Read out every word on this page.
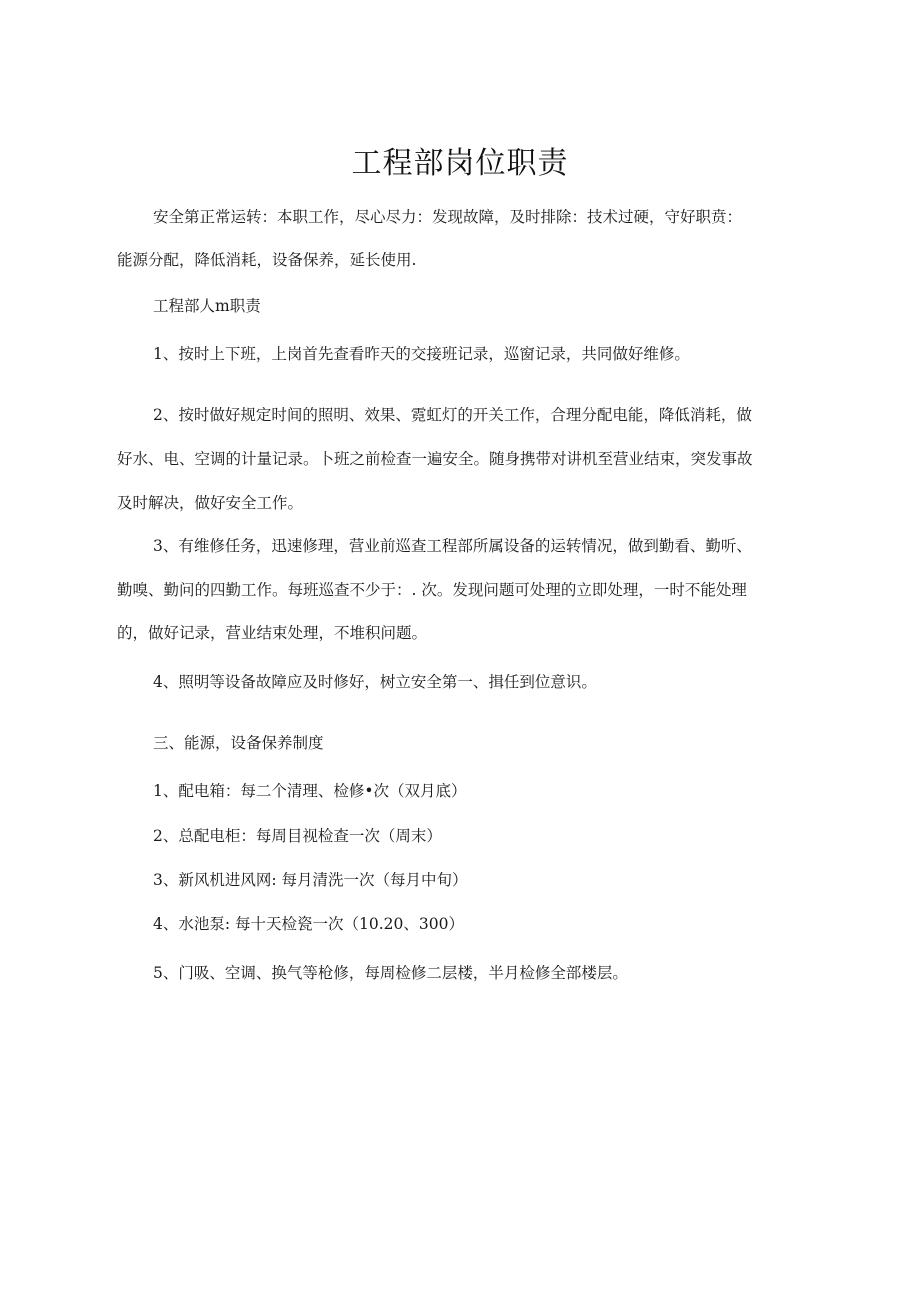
工程部岗位职责

安全第正常运转：本职工作，尽心尽力：发现故障，及时排除：技术过硬，守好职贲：

能源分配，降低消耗，设备保养，延长使用.

工程部人m职责

1、按时上下班，上岗首先查看昨天的交接班记录，巡窗记录，共同做好维修。

2、按时做好规定时间的照明、效果、霓虹灯的开关工作，合理分配电能，降低消耗，做

好水、电、空调的计量记录。卜班之前检查一遍安全。随身携带对讲机至营业结束，突发事故

及时解决，做好安全工作。

3、有维修任务，迅速修理，营业前巡查工程部所属设备的运转情况，做到勤看、勤听、

勤嗅、勤问的四勤工作。每班巡查不少于：. 次。发现问题可处理的立即处理，一时不能处理

的，做好记录，营业结束处理，不堆积问题。

4、照明等设备故障应及时修好，树立安全第一、揖任到位意识。

三、能源，设备保养制度

1、配电箱：每二个清理、检修•次（双月底）

2、总配电柜：每周目视检查一次（周末）

3、新风机进风网: 每月清洗一次（每月中旬）

4、水池泵: 每十天检瓷一次（10.20、300）

5、门吸、空调、换气等枪修，每周检修二层楼，半月检修全部楼层。
